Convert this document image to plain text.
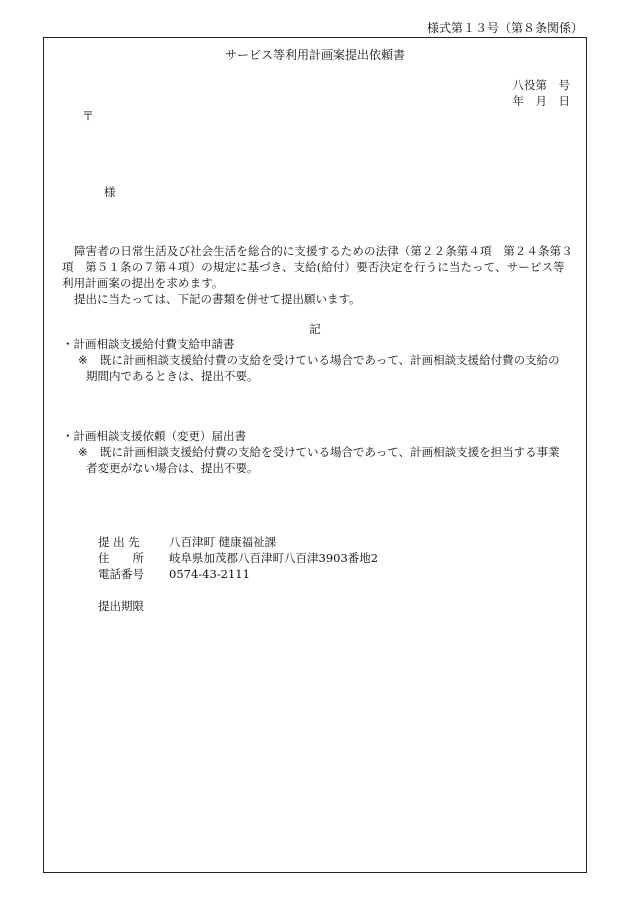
様式第１３号（第８条関係）
サービス等利用計画案提出依頼書
八役第　号
年　月　日
〒
様
障害者の日常生活及び社会生活を総合的に支援するための法律（第２２条第４項　第２４条第３項　第５１条の７第４項）の規定に基づき、支給(給付）要否決定を行うに当たって、サービス等利用計画案の提出を求めます。
提出に当たっては、下記の書類を併せて提出願います。
記
・計画相談支援給付費支給申請書
※	既に計画相談支援給付費の支給を受けている場合であって、計画相談支援給付費の支給の
期間内であるときは、提出不要。
・計画相談支援依頼（変更）届出書
※	既に計画相談支援給付費の支給を受けている場合であって、計画相談支援を担当する事業
者変更がない場合は、提出不要。
提 出 先	八百津町 健康福祉課
住　　所 岐阜県加茂郡八百津町八百津3903番地2
電話番号 0574-43-2111
提出期限
